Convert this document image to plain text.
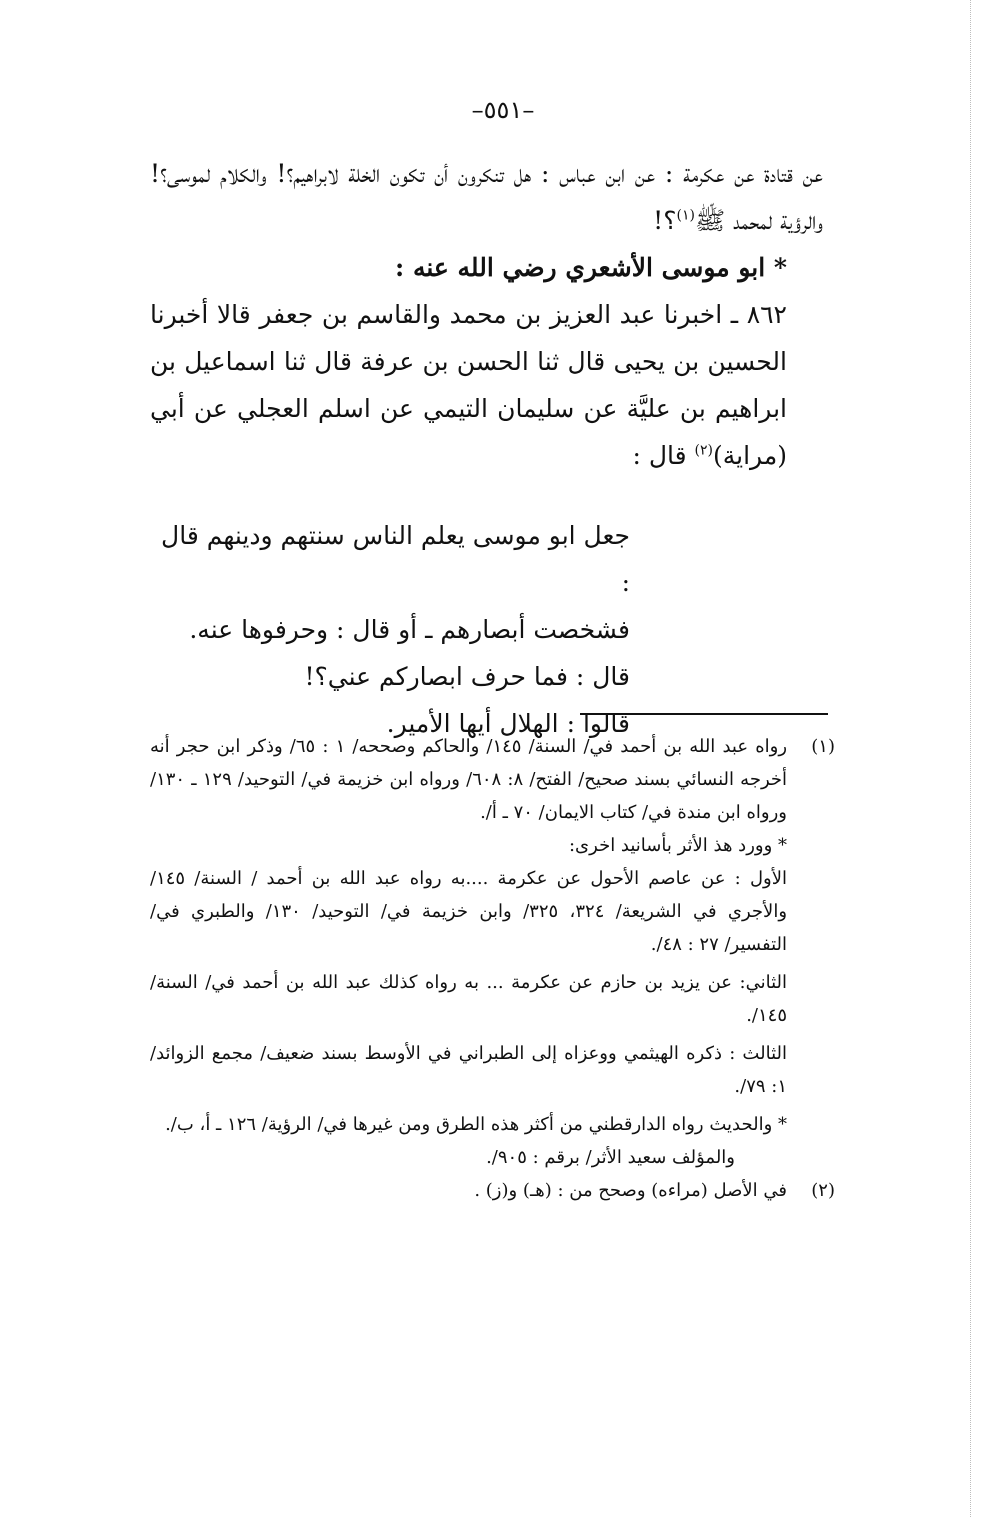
–٥٥١–

عن قتادة عن عكرمة : عن ابن عباس : هل تنكرون أن تكون الخلة لابراهيم؟! والكلام لموسى؟! والرؤية لمحمد ﷺ$^{(١)}$؟!

* ابو موسى الأشعري رضي الله عنه :

٨٦٢ ـ اخبرنا عبد العزيز بن محمد والقاسم بن جعفر قالا أخبرنا الحسين بن يحيى قال ثنا الحسن بن عرفة قال ثنا اسماعيل بن ابراهيم بن عليَّة عن سليمان التيمي عن اسلم العجلي عن أبي (مراية)$^{(٢)}$ قال :

جعل ابو موسى يعلم الناس سنتهم ودينهم قال :

فشخصت أبصارهم ـ أو قال : وحرفوها عنه.

قال : فما حرف ابصاركم عني؟!

قالوا : الهلال أيها الأمير.

(١)
رواه عبد الله بن أحمد في/ السنة/ ١٤٥/ والحاكم وصححه/ ١ : ٦٥/ وذكر ابن حجر أنه أخرجه النسائي بسند صحيح/ الفتح/ ٨: ٦٠٨/ ورواه ابن خزيمة في/ التوحيد/ ١٢٩ ـ ١٣٠/ ورواه ابن مندة في/ كتاب الايمان/ ٧٠ ـ أ/.
* وورد هذ الأثر بأسانيد اخرى:
الأول : عن عاصم الأحول عن عكرمة ....به رواه عبد الله بن أحمد / السنة/ ١٤٥/ والأجري في الشريعة/ ٣٢٤، ٣٢٥/ وابن خزيمة في/ التوحيد/ ١٣٠/ والطبري في/ التفسير/ ٢٧ : ٤٨/.
الثاني: عن يزيد بن حازم عن عكرمة ... به رواه كذلك عبد الله بن أحمد في/ السنة/ ١٤٥/.
الثالث : ذكره الهيثمي ووعزاه إلى الطبراني في الأوسط بسند ضعيف/ مجمع الزوائد/ ١: ٧٩/.
* والحديث رواه الدارقطني من أكثر هذه الطرق ومن غيرها في/ الرؤية/ ١٢٦ ـ أ، ب/.
والمؤلف سعيد الأثر/ برقم : ٩٠٥/.
(٢)
في الأصل (مراءه) وصحح من : (هـ) و(ز) .
